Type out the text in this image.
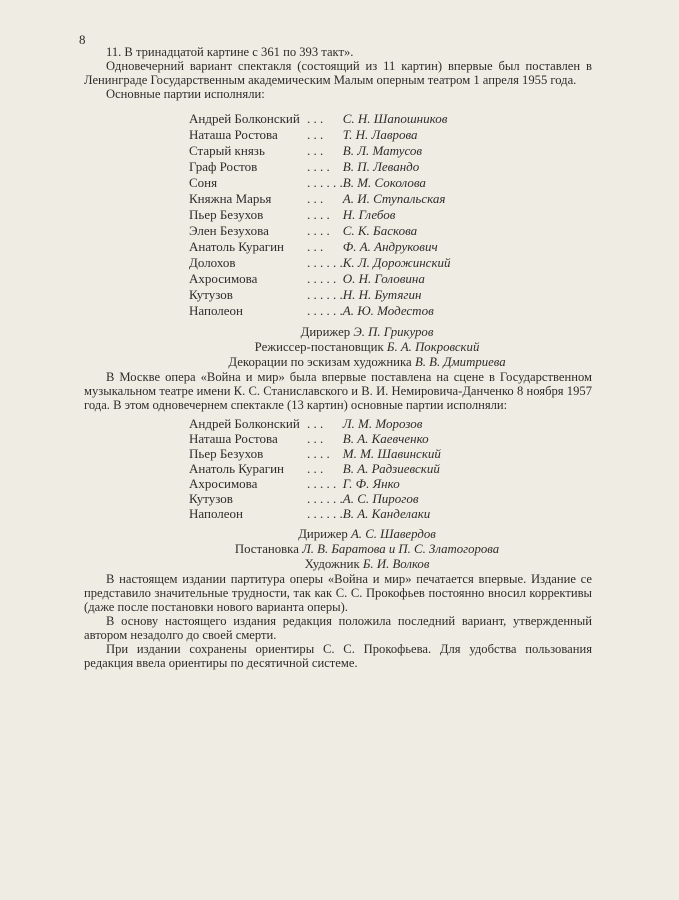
8

11. В тринадцатой картине с 361 по 393 такт».

Одновечерний вариант спектакля (состоящий из 11 картин) впервые был поставлен в Ленинграде Государственным академическим Малым оперным театром 1 апреля 1955 года.

Основные партии исполняли:

Андрей Болконский	. . .	С. Н. Шапошников
Наташа Ростова	. . .	Т. Н. Лаврова
Старый князь	. . .	В. Л. Матусов
Граф Ростов	. . . .	В. П. Левандо
Соня	. . . . . .	В. М. Соколова
Княжна Марья	. . .	А. И. Ступальская
Пьер Безухов	. . . .	Н. Глебов
Элен Безухова	. . . .	С. К. Баскова
Анатоль Курагин	. . .	Ф. А. Андрукович
Долохов	. . . . . .	К. Л. Дорожинский
Ахросимова	. . . . .	О. Н. Головина
Кутузов	. . . . . .	Н. Н. Бутягин
Наполеон	. . . . . .	А. Ю. Модестов
Дирижер Э. П. Грикуров
Режиссер-постановщик Б. А. Покровский
Декорации по эскизам художника В. В. Дмитриева

В Москве опера «Война и мир» была впервые поставлена на сцене в Государственном музыкальном театре имени К. С. Станиславского и В. И. Немировича-Данченко 8 ноября 1957 года. В этом одновечернем спектакле (13 картин) основные партии исполняли:

Андрей Болконский	. . .	Л. М. Морозов
Наташа Ростова	. . .	В. А. Каевченко
Пьер Безухов	. . . .	М. М. Шавинский
Анатоль Курагин	. . .	В. А. Радзиевский
Ахросимова	. . . . .	Г. Ф. Янко
Кутузов	. . . . . .	А. С. Пирогов
Наполеон	. . . . . .	В. А. Канделаки
Дирижер А. С. Шавердов
Постановка Л. В. Баратова и П. С. Златогорова
Художник Б. И. Волков

В настоящем издании партитура оперы «Война и мир» печатается впервые. Издание се представило значительные трудности, так как С. С. Прокофьев постоянно вносил коррективы (даже после постановки нового варианта оперы).

В основу настоящего издания редакция положила последний вариант, утвержденный автором незадолго до своей смерти.

При издании сохранены ориентиры С. С. Прокофьева. Для удобства пользования редакция ввела ориентиры по десятичной системе.
